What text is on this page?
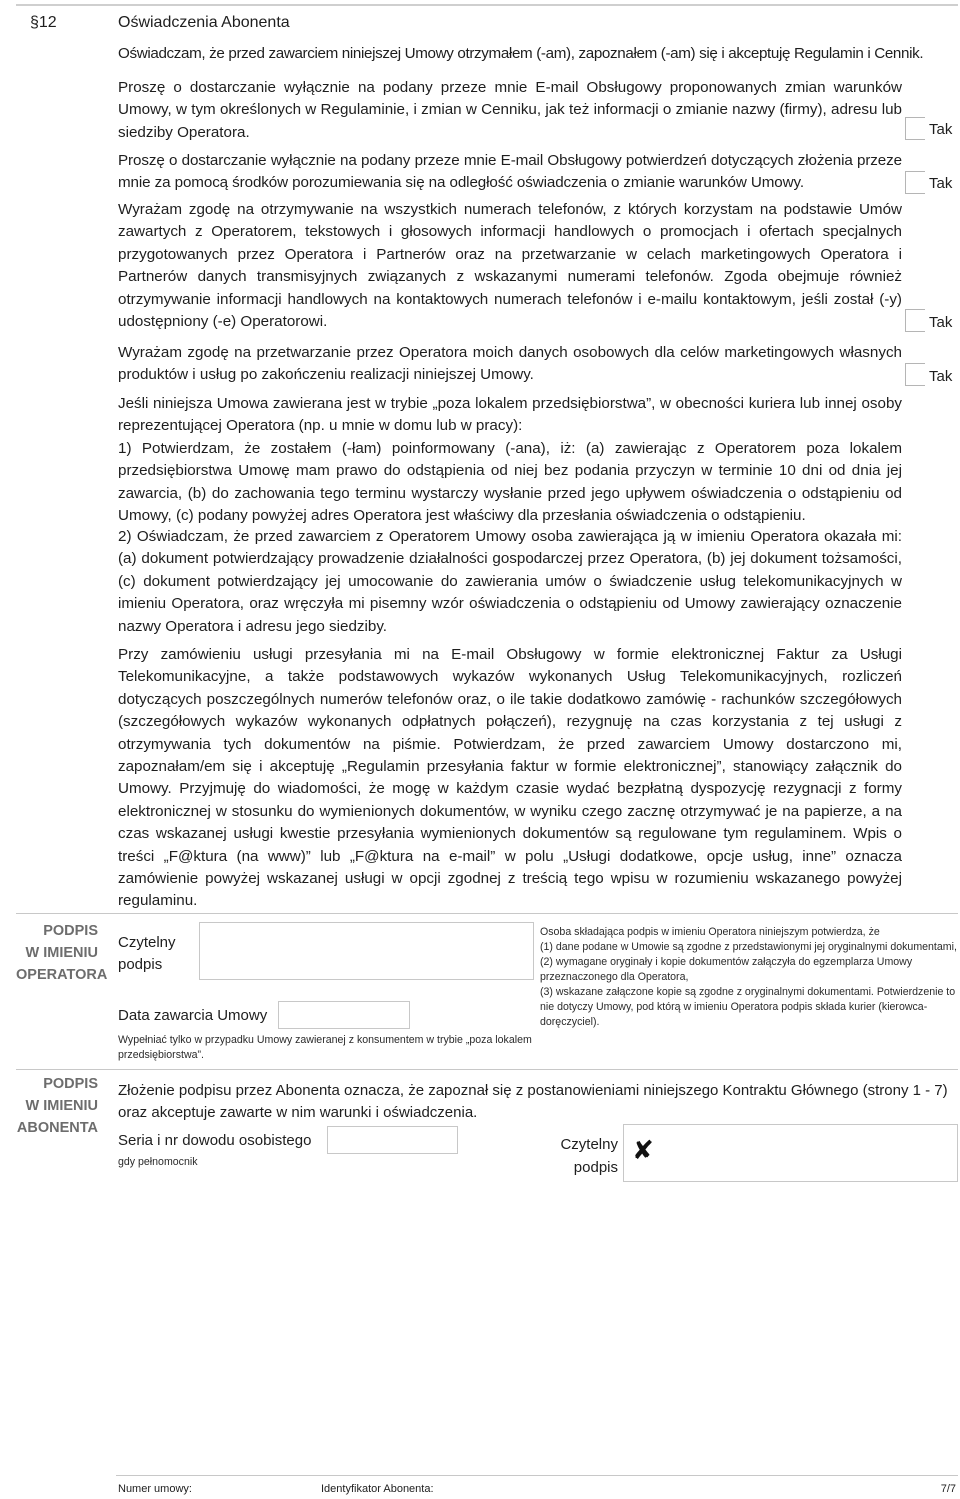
§12	Oświadczenia Abonenta

Oświadczam, że przed zawarciem niniejszej Umowy otrzymałem (-am), zapoznałem (-am) się i akceptuję Regulamin i Cennik.

Proszę o dostarczanie wyłącznie na podany przeze mnie E-mail Obsługowy proponowanych zmian warunków Umowy, w tym określonych w Regulaminie, i zmian w Cenniku, jak też informacji o zmianie nazwy (firmy), adresu lub siedziby Operatora.

Proszę o dostarczanie wyłącznie na podany przeze mnie E-mail Obsługowy potwierdzeń dotyczących złożenia przeze mnie za pomocą środków porozumiewania się na odległość oświadczenia o zmianie warunków Umowy.

Wyrażam zgodę na otrzymywanie na wszystkich numerach telefonów, z których korzystam na podstawie Umów zawartych z Operatorem, tekstowych i głosowych informacji handlowych o promocjach i ofertach specjalnych przygotowanych przez Operatora i Partnerów oraz na przetwarzanie w celach marketingowych Operatora i Partnerów danych transmisyjnych związanych z wskazanymi numerami telefonów. Zgoda obejmuje również otrzymywanie informacji handlowych na kontaktowych numerach telefonów i e-mailu kontaktowym, jeśli został (-y) udostępniony (-e) Operatorowi.

Wyrażam zgodę na przetwarzanie przez Operatora moich danych osobowych dla celów marketingowych własnych produktów i usług po zakończeniu realizacji niniejszej Umowy.

Jeśli niniejsza Umowa zawierana jest w trybie „poza lokalem przedsiębiorstwa”, w obecności kuriera lub innej osoby reprezentującej Operatora (np. u mnie w domu lub w pracy):

1) Potwierdzam, że zostałem (-łam) poinformowany (-ana), iż: (a) zawierając z Operatorem poza lokalem przedsiębiorstwa Umowę mam prawo do odstąpienia od niej bez podania przyczyn w terminie 10 dni od dnia jej zawarcia, (b) do zachowania tego terminu wystarczy wysłanie przed jego upływem oświadczenia o odstąpieniu od Umowy, (c) podany powyżej adres Operatora jest właściwy dla przesłania oświadczenia o odstąpieniu.

2) Oświadczam, że przed zawarciem z Operatorem Umowy osoba zawierająca ją w imieniu Operatora okazała mi: (a) dokument potwierdzający prowadzenie działalności gospodarczej przez Operatora, (b) jej dokument tożsamości, (c) dokument potwierdzający jej umocowanie do zawierania umów o świadczenie usług telekomunikacyjnych w imieniu Operatora, oraz wręczyła mi pisemny wzór oświadczenia o odstąpieniu od Umowy zawierający oznaczenie nazwy Operatora i adresu jego siedziby.

Przy zamówieniu usługi przesyłania mi na E-mail Obsługowy w formie elektronicznej Faktur za Usługi Telekomunikacyjne, a także podstawowych wykazów wykonanych Usług Telekomunikacyjnych, rozliczeń dotyczących poszczególnych numerów telefonów oraz, o ile takie dodatkowo zamówię - rachunków szczegółowych (szczegółowych wykazów wykonanych odpłatnych połączeń), rezygnuję na czas korzystania z tej usługi z otrzymywania tych dokumentów na piśmie. Potwierdzam, że przed zawarciem Umowy dostarczono mi, zapoznałam/em się i akceptuję „Regulamin przesyłania faktur w formie elektronicznej”, stanowiący załącznik do Umowy. Przyjmuję do wiadomości, że mogę w każdym czasie wydać bezpłatną dyspozycję rezygnacji z formy elektronicznej w stosunku do wymienionych dokumentów, w wyniku czego zacznę otrzymywać je na papierze, a na czas wskazanej usługi kwestie przesyłania wymienionych dokumentów są regulowane tym regulaminem. Wpis o treści „F@ktura (na www)” lub „F@ktura na e-mail” w polu „Usługi dodatkowe, opcje usług, inne” oznacza zamówienie powyżej wskazanej usługi w opcji zgodnej z treścią tego wpisu w rozumieniu wskazanego powyżej regulaminu.

Tak
Tak
Tak
Tak
PODPIS
W IMIENIU
OPERATORA
Czytelny
podpis
Data zawarcia Umowy
Wypełniać tylko w przypadku Umowy zawieranej z konsumentem w trybie „poza lokalem przedsiębiorstwa”.
Osoba składająca podpis w imieniu Operatora niniejszym potwierdza, że
(1) dane podane w Umowie są zgodne z przedstawionymi jej oryginalnymi dokumentami,
(2) wymagane oryginały i kopie dokumentów załączyła do egzemplarza Umowy przeznaczonego dla Operatora,
(3) wskazane załączone kopie są zgodne z oryginalnymi dokumentami. Potwierdzenie to nie dotyczy Umowy, pod którą w imieniu Operatora podpis składa kurier (kierowca-doręczyciel).
PODPIS
W IMIENIU
ABONENTA
Złożenie podpisu przez Abonenta oznacza, że zapoznał się z postanowieniami niniejszego Kontraktu Głównego (strony 1 - 7) oraz akceptuje zawarte w nim warunki i oświadczenia.
Seria i nr dowodu osobistego
gdy pełnomocnik
Czytelny
podpis
✘
Numer umowy:	Identyfikator Abonenta:	7/7
